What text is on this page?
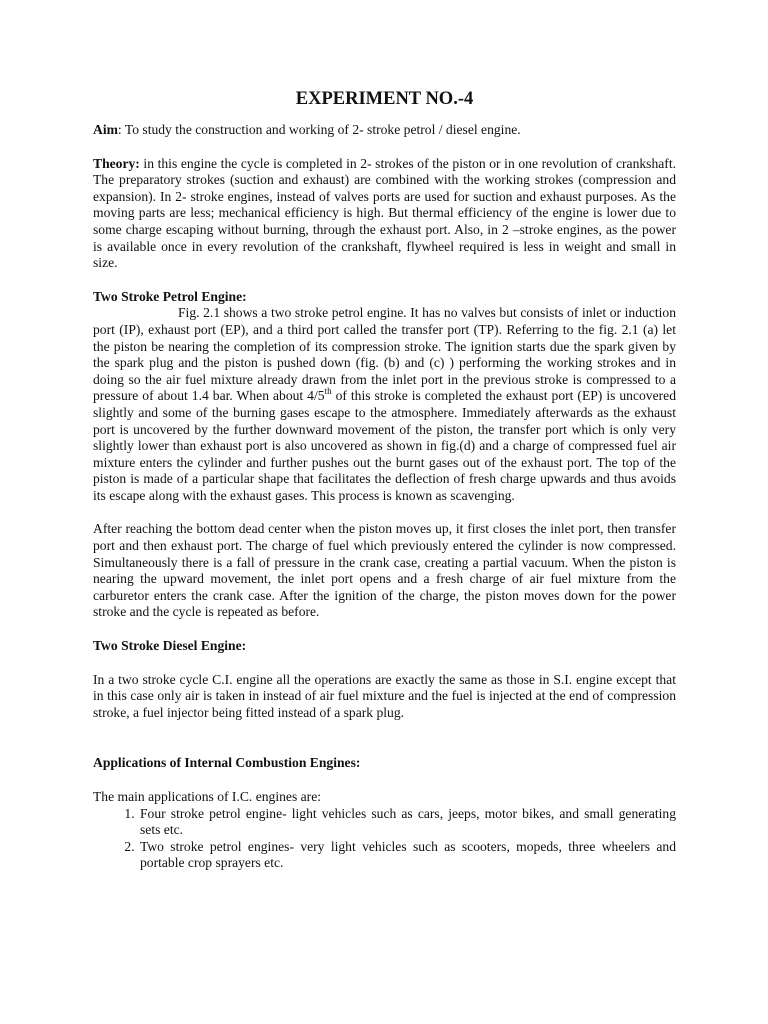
EXPERIMENT NO.-4

Aim: To study the construction and working of 2- stroke petrol / diesel engine.

Theory: in this engine the cycle is completed in 2- strokes of the piston or in one revolution of crankshaft. The preparatory strokes (suction and exhaust) are combined with the working strokes (compression and expansion). In 2- stroke engines, instead of valves ports are used for suction and exhaust purposes. As the moving parts are less; mechanical efficiency is high. But thermal efficiency of the engine is lower due to some charge escaping without burning, through the exhaust port. Also, in 2 –stroke engines, as the power is available once in every revolution of the crankshaft, flywheel required is less in weight and small in size.

Two Stroke Petrol Engine:

Fig. 2.1 shows a two stroke petrol engine. It has no valves but consists of inlet or induction port (IP), exhaust port (EP), and a third port called the transfer port (TP). Referring to the fig. 2.1 (a) let the piston be nearing the completion of its compression stroke. The ignition starts due the spark given by the spark plug and the piston is pushed down (fig. (b) and (c) ) performing the working strokes and in doing so the air fuel mixture already drawn from the inlet port in the previous stroke is compressed to a pressure of about 1.4 bar. When about 4/5th of this stroke is completed the exhaust port (EP) is uncovered slightly and some of the burning gases escape to the atmosphere. Immediately afterwards as the exhaust port is uncovered by the further downward movement of the piston, the transfer port which is only very slightly lower than exhaust port is also uncovered as shown in fig.(d) and a charge of compressed fuel air mixture enters the cylinder and further pushes out the burnt gases out of the exhaust port. The top of the piston is made of a particular shape that facilitates the deflection of fresh charge upwards and thus avoids its escape along with the exhaust gases. This process is known as scavenging.

After reaching the bottom dead center when the piston moves up, it first closes the inlet port, then transfer port and then exhaust port. The charge of fuel which previously entered the cylinder is now compressed. Simultaneously there is a fall of pressure in the crank case, creating a partial vacuum. When the piston is nearing the upward movement, the inlet port opens and a fresh charge of air fuel mixture from the carburetor enters the crank case. After the ignition of the charge, the piston moves down for the power stroke and the cycle is repeated as before.

Two Stroke Diesel Engine:

In a two stroke cycle C.I. engine all the operations are exactly the same as those in S.I. engine except that in this case only air is taken in instead of air fuel mixture and the fuel is injected at the end of compression stroke, a fuel injector being fitted instead of a spark plug.

Applications of Internal Combustion Engines:
The main applications of I.C. engines are:
1. Four stroke petrol engine- light vehicles such as cars, jeeps, motor bikes, and small generating sets etc.
2. Two stroke petrol engines- very light vehicles such as scooters, mopeds, three wheelers and portable crop sprayers etc.
